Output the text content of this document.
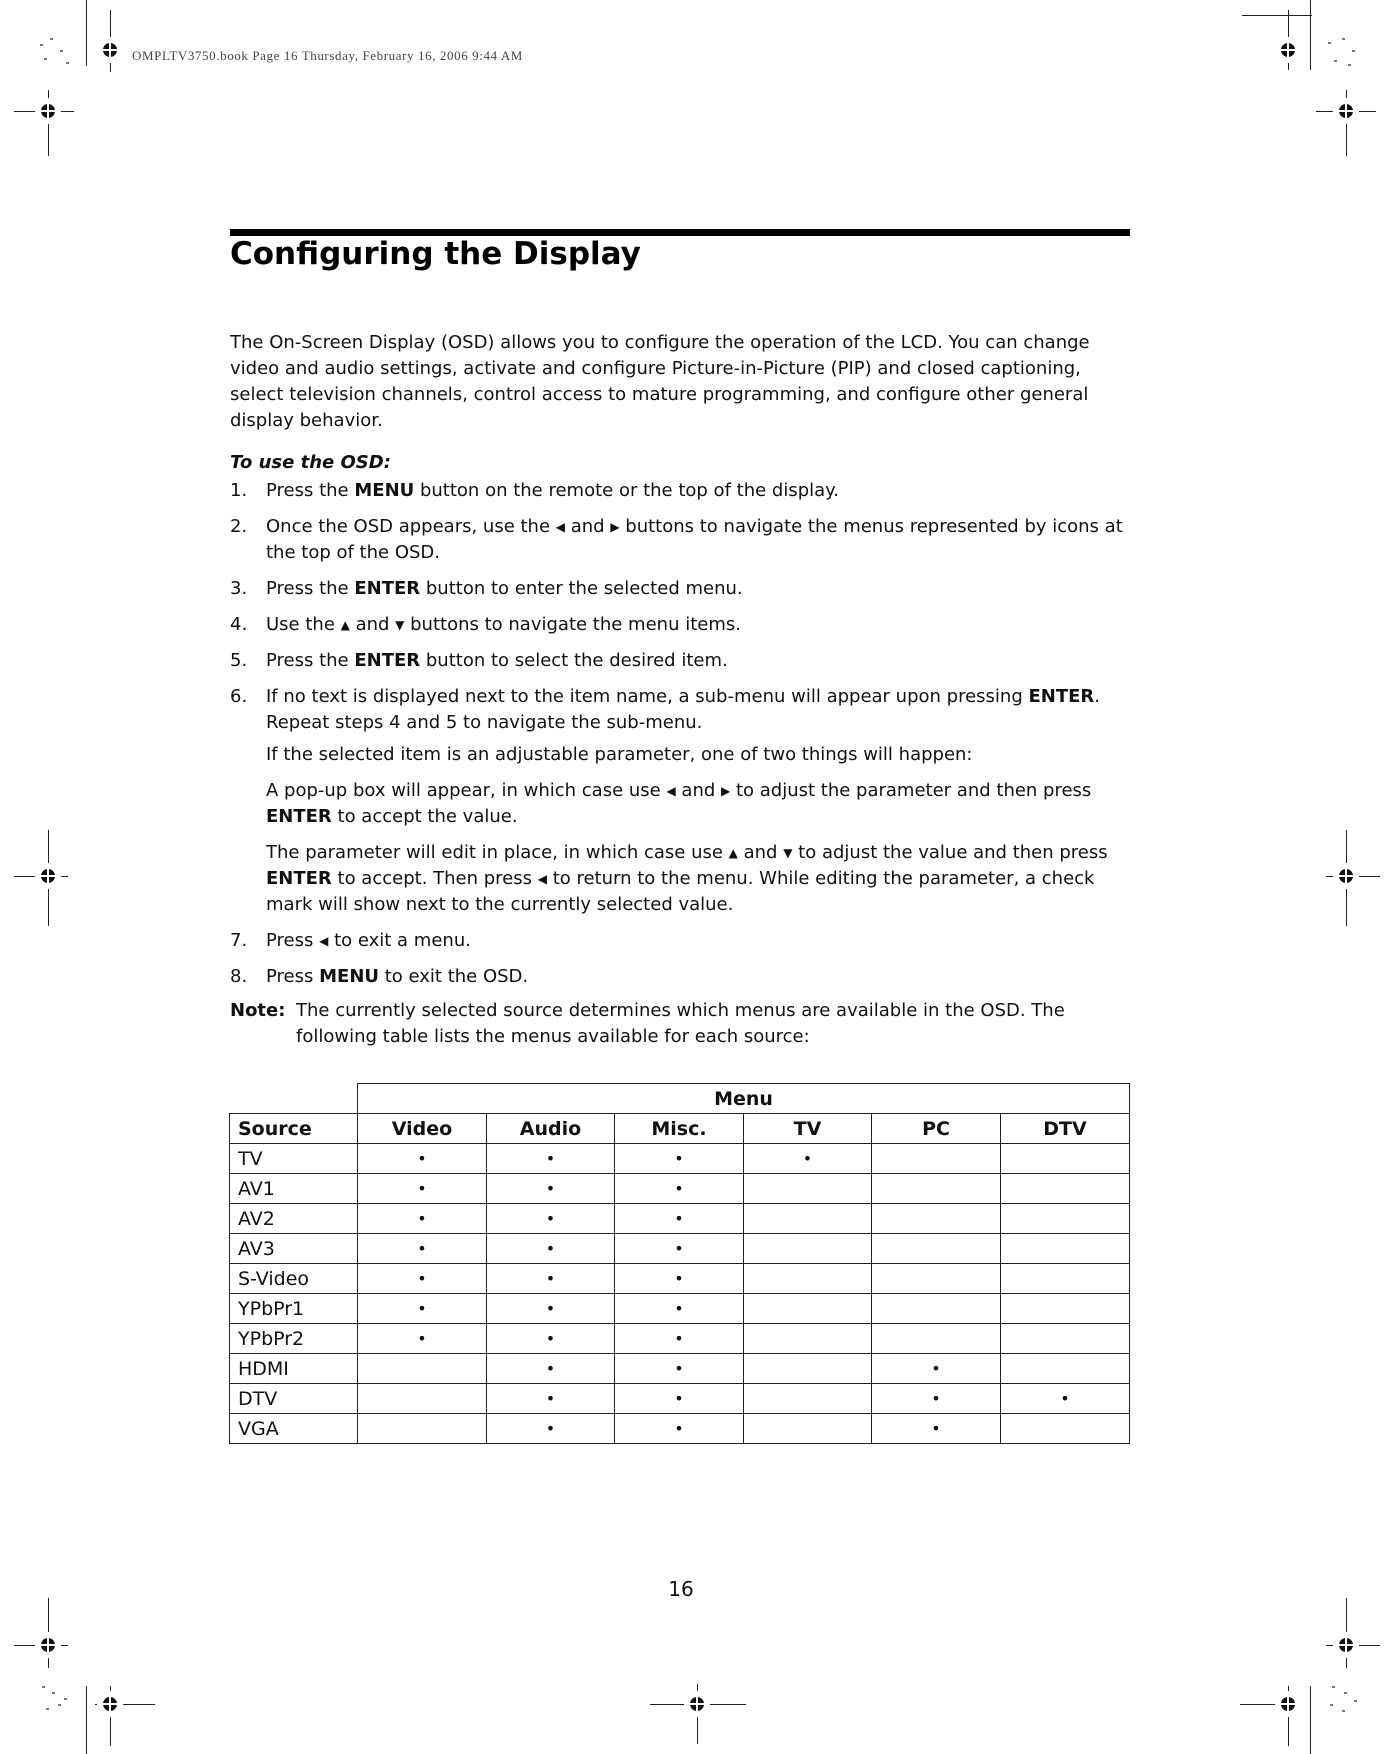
OMPLTV3750.book Page 16 Thursday, February 16, 2006 9:44 AM
Configuring the Display

The On-Screen Display (OSD) allows you to configure the operation of the LCD. You can change video and audio settings, activate and configure Picture-in-Picture (PIP) and closed captioning, select television channels, control access to mature programming, and configure other general display behavior.

To use the OSD:

1. Press the MENU button on the remote or the top of the display.
2. Once the OSD appears, use the ◀ and ▶ buttons to navigate the menus represented by icons at the top of the OSD.
3. Press the ENTER button to enter the selected menu.
4. Use the ▲ and ▼ buttons to navigate the menu items.
5. Press the ENTER button to select the desired item.
6. If no text is displayed next to the item name, a sub-menu will appear upon pressing ENTER. Repeat steps 4 and 5 to navigate the sub-menu.

If the selected item is an adjustable parameter, one of two things will happen:

A pop-up box will appear, in which case use ◀ and ▶ to adjust the parameter and then press ENTER to accept the value.

The parameter will edit in place, in which case use ▲ and ▼ to adjust the value and then press ENTER to accept. Then press ◀ to return to the menu. While editing the parameter, a check mark will show next to the currently selected value.

7. Press ◀ to exit a menu.
8. Press MENU to exit the OSD.

Note: The currently selected source determines which menus are available in the OSD. The following table lists the menus available for each source:

	Menu					
Source	Video	Audio	Misc.	TV	PC	DTV
TV	•	•	•	•		
AV1	•	•	•			
AV2	•	•	•			
AV3	•	•	•			
S-Video	•	•	•			
YPbPr1	•	•	•			
YPbPr2	•	•	•			
HDMI		•	•		•	
DTV		•	•		•	•
VGA		•	•		•	
16
